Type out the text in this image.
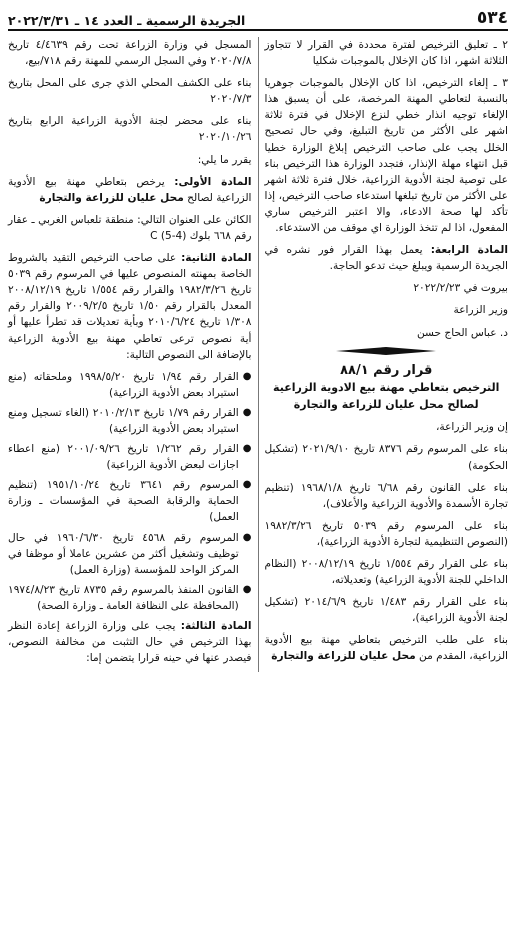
٥٣٤
الجريدة الرسمية ـ العدد ١٤ ـ ٢٠٢٢/٣/٣١

٢ ـ تعليق الترخيص لفترة محددة في القرار لا تتجاوز الثلاثة اشهر، اذا كان الإخلال بالموجبات شكليا

٣ ـ إلغاء الترخيص، اذا كان الإخلال بالموجبات جوهريا بالنسبة لتعاطي المهنة المرخصة، على أن يسبق هذا الإلغاء توجيه انذار خطي لنزع الإخلال في فترة ثلاثة اشهر على الأكثر من تاريخ التبليغ، وفي حال تصحيح الخلل يجب على صاحب الترخيص إبلاغ الوزارة خطيا قبل انتهاء مهلة الإنذار، فتجدد الوزارة هذا الترخيص بناء على توصية لجنة الأدوية الزراعية، خلال فترة ثلاثة اشهر على الأكثر من تاريخ تبلغها استدعاء صاحب الترخيص، إذا تأكد لها صحة الادعاء، والا اعتبر الترخيص ساري المفعول، اذا لم تتخذ الوزارة اي موقف من الاستدعاء.

المادة الرابعة: يعمل بهذا القرار فور نشره في الجريدة الرسمية ويبلغ حيث تدعو الحاجة.

بيروت في ٢٠٢٢/٢/٢٣

وزير الزراعة

د. عباس الحاج حسن

قرار رقم ٨٨/١
الترخيص بتعاطي مهنة بيع الادوية الزراعية لصالح محل عليان للزراعة والتجارة

إن وزير الزراعة،

بناء على المرسوم رقم ٨٣٧٦ تاريخ ٢٠٢١/٩/١٠ (تشكيل الحكومة)

بناء على القانون رقم ٦/٦٨ تاريخ ١٩٦٨/١/٨ (تنظيم تجارة الأسمدة والأدوية الزراعية والأعلاف)،

بناء على المرسوم رقم ٥٠٣٩ تاريخ ١٩٨٢/٣/٢٦ (النصوص التنظيمية لتجارة الأدوية الزراعية)،

بناء على القرار رقم ١/٥٥٤ تاريخ ٢٠٠٨/١٢/١٩ (النظام الداخلي للجنة الأدوية الزراعية) وتعديلاته،

بناء على القرار رقم ١/٤٨٣ تاريخ ٢٠١٤/٦/٩ (تشكيل لجنة الأدوية الزراعية)،

بناء على طلب الترخيص بتعاطي مهنة بيع الأدوية الزراعية، المقدم من محل عليان للزراعة والتجارة

المسجل في وزارة الزراعة تحت رقم ٤/٤٦٣٩ تاريخ ٢٠٢٠/٧/٨ وفي السجل الرسمي للمهنة رقم ٧١٨/بيع،

بناء على الكشف المحلي الذي جرى على المحل بتاريخ ٢٠٢٠/٧/٣

بناء على محضر لجنة الأدوية الزراعية الرابع بتاريخ ٢٠٢٠/١٠/٢٦

يقرر ما يلي:

المادة الأولى: يرخص بتعاطي مهنة بيع الأدوية الزراعية لصالح محل عليان للزراعة والتجارة

الكائن على العنوان التالي: منطقة تلعباس الغربي ـ عقار رقم ٦٦٨ بلوك C (5-4)

المادة الثانية: على صاحب الترخيص التقيد بالشروط الخاصة بمهنته المنصوص عليها في المرسوم رقم ٥٠٣٩ تاريخ ١٩٨٢/٣/٢٦ والقرار رقم ١/٥٥٤ تاريخ ٢٠٠٨/١٢/١٩ المعدل بالقرار رقم ١/٥٠ تاريخ ٢٠٠٩/٢/٥ والقرار رقم ١/٣٠٨ تاريخ ٢٠١٠/٦/٢٤ وبأية تعديلات قد تطرأ عليها أو أية نصوص ترعى تعاطي مهنة بيع الأدوية الزراعية بالإضافة الى النصوص التالية:

●
القرار رقم ١/٩٤ تاريخ ١٩٩٨/٥/٢٠ وملحقاته (منع استيراد بعض الأدوية الزراعية)
●
القرار رقم ١/٧٩ تاريخ ٢٠١٠/٢/١٣ (الغاء تسجيل ومنع استيراد بعض الأدوية الزراعية)
●
القرار رقم ١/٢٦٢ تاريخ ٢٠٠١/٠٩/٢٦ (منع اعطاء اجازات لبعض الأدوية الزراعية)
●
المرسوم رقم ٣٦٤١ تاريخ ١٩٥١/١٠/٢٤ (تنظيم الحماية والرقابة الصحية في المؤسسات ـ وزارة العمل)
●
المرسوم رقم ٤٥٦٨ تاريخ ١٩٦٠/٦/٣٠ في حال توظيف وتشغيل أكثر من عشرين عاملا أو موظفا في المركز الواحد للمؤسسة (وزارة العمل)
●
القانون المنفذ بالمرسوم رقم ٨٧٣٥ تاريخ ١٩٧٤/٨/٢٣ (المحافظة على النظافة العامة ـ وزارة الصحة)

المادة الثالثة: يجب على وزارة الزراعة إعادة النظر بهذا الترخيص في حال التثبت من مخالفة النصوص، فيصدر عنها في حينه قرارا يتضمن إما:
